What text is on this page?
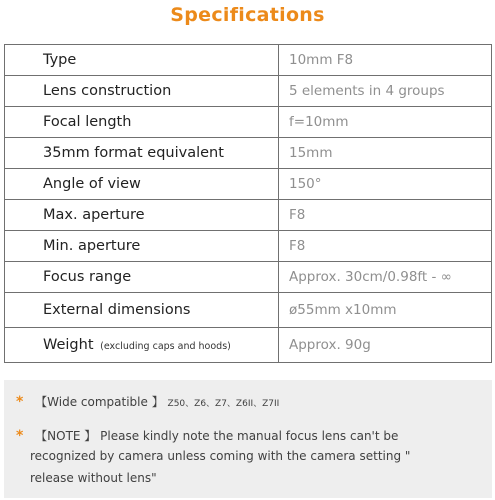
Specifications
Type	10mm F8
Lens construction	5 elements in 4 groups
Focal length	f=10mm
35mm format equivalent	15mm
Angle of view	150°
Max. aperture	F8
Min. aperture	F8
Focus range	Approx. 30cm/0.98ft - ∞
External dimensions	ø55mm x10mm
Weight (excluding caps and hoods)	Approx. 90g
* 【Wide compatible 】 Z50、Z6、Z7、Z6II、Z7II
* 【NOTE 】 Please kindly note the manual focus lens can't be
recognized by camera unless coming with the camera setting "
release without lens"
